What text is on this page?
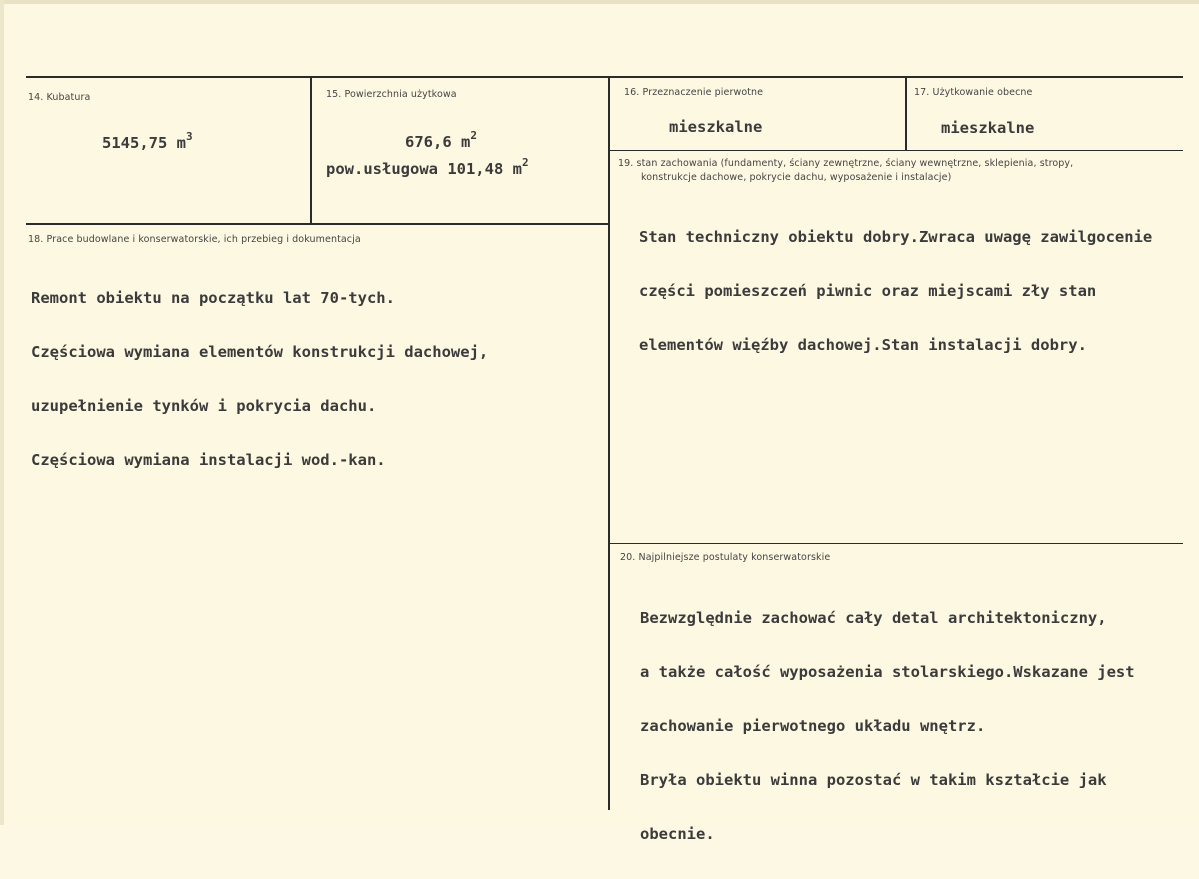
14. Kubatura
5145,75 $m^3$
15. Powierzchnia użytkowa
676,6 $m^2$
pow.usługowa 101,48 $m^2$
16. Przeznaczenie pierwotne
mieszkalne
17. Użytkowanie obecne
mieszkalne
18. Prace budowlane i konserwatorskie, ich przebieg i dokumentacja

Remont obiektu na początku lat 70-tych.

Częściowa wymiana elementów konstrukcji dachowej,

uzupełnienie tynków i pokrycia dachu.

Częściowa wymiana instalacji wod.-kan.

19. stan zachowania (fundamenty, ściany zewnętrzne, ściany wewnętrzne, sklepienia, stropy,
konstrukcje dachowe, pokrycie dachu, wyposażenie i instalacje)

Stan techniczny obiektu dobry.Zwraca uwagę zawilgocenie

części pomieszczeń piwnic oraz miejscami zły stan

elementów więźby dachowej.Stan instalacji dobry.

20. Najpilniejsze postulaty konserwatorskie

Bezwzględnie zachować cały detal architektoniczny,

a także całość wyposażenia stolarskiego.Wskazane jest

zachowanie pierwotnego układu wnętrz.

Bryła obiektu winna pozostać w takim kształcie jak

obecnie.
